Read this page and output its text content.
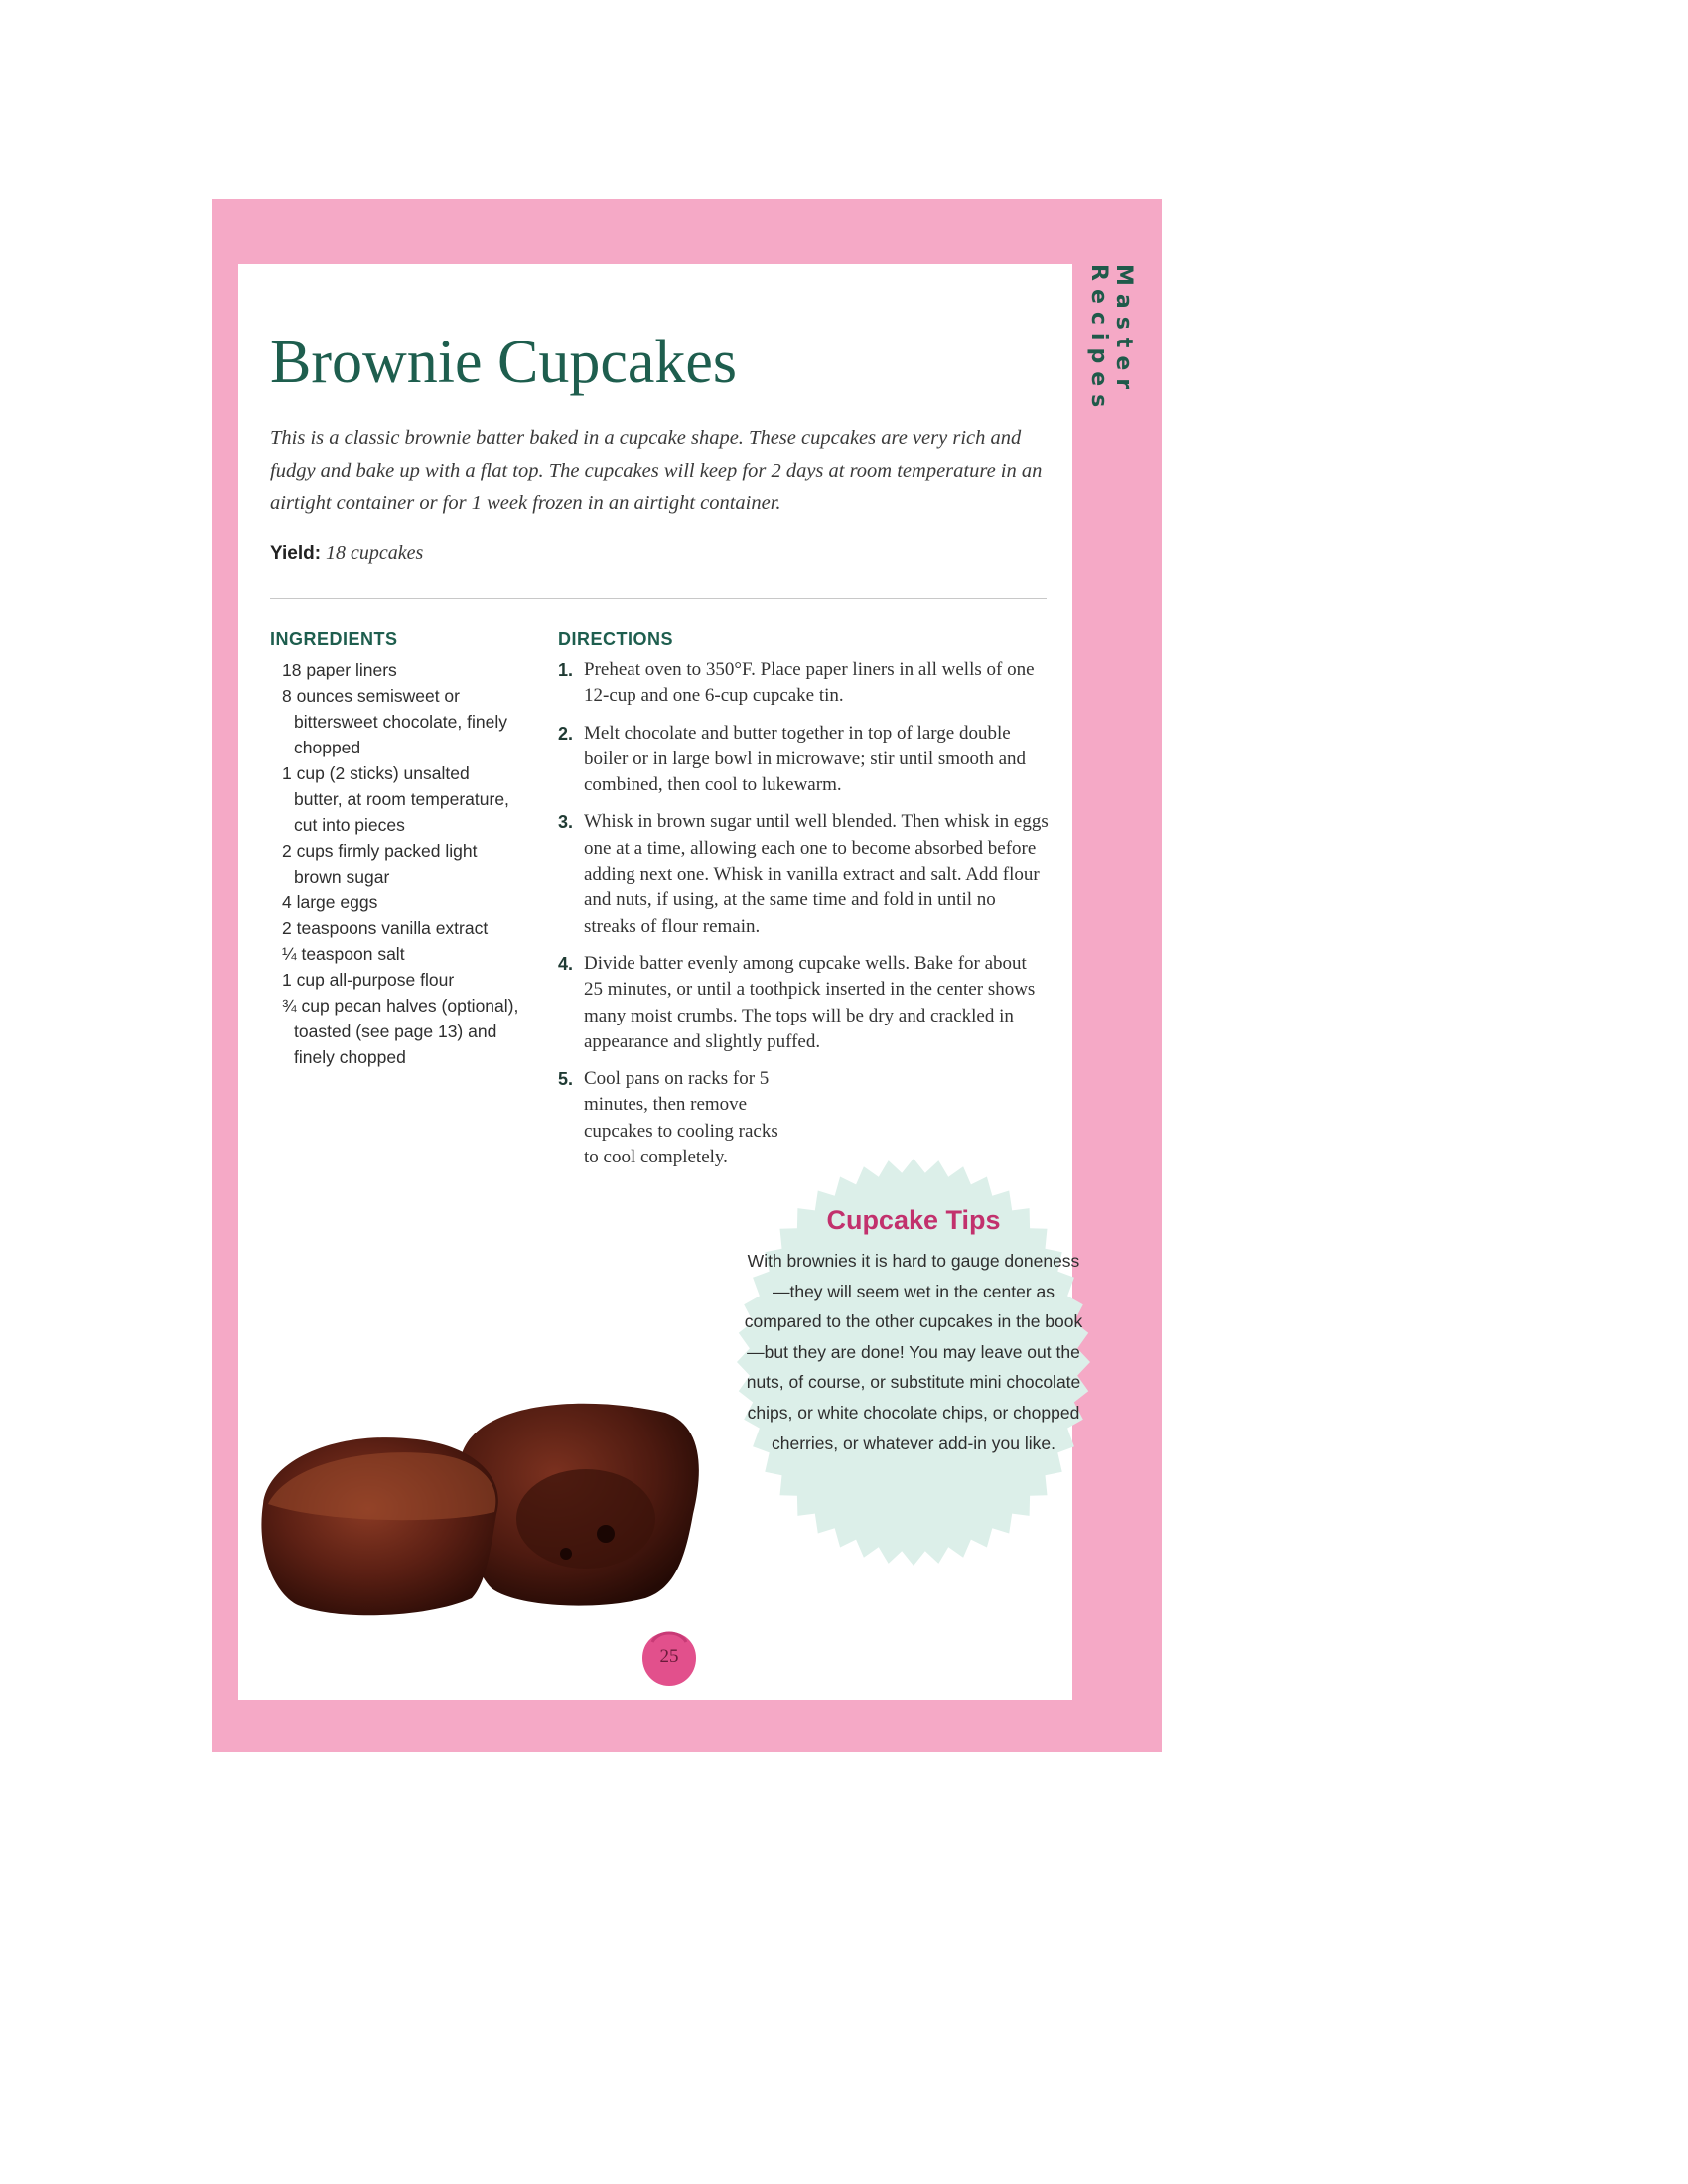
Master Recipes
Brownie Cupcakes

This is a classic brownie batter baked in a cupcake shape. These cupcakes are very rich and fudgy and bake up with a flat top. The cupcakes will keep for 2 days at room temperature in an airtight container or for 1 week frozen in an airtight container.

Yield: 18 cupcakes

INGREDIENTS
18 paper liners
8 ounces semisweet or bittersweet chocolate, finely chopped
1 cup (2 sticks) unsalted butter, at room temperature, cut into pieces
2 cups firmly packed light brown sugar
4 large eggs
2 teaspoons vanilla extract
¼ teaspoon salt
1 cup all-purpose flour
¾ cup pecan halves (optional), toasted (see page 13) and finely chopped
DIRECTIONS
1. Preheat oven to 350°F. Place paper liners in all wells of one 12-cup and one 6-cup cupcake tin.
2. Melt chocolate and butter together in top of large double boiler or in large bowl in microwave; stir until smooth and combined, then cool to lukewarm.
3. Whisk in brown sugar until well blended. Then whisk in eggs one at a time, allowing each one to become absorbed before adding next one. Whisk in vanilla extract and salt. Add flour and nuts, if using, at the same time and fold in until no streaks of flour remain.
4. Divide batter evenly among cupcake wells. Bake for about 25 minutes, or until a toothpick inserted in the center shows many moist crumbs. The tops will be dry and crackled in appearance and slightly puffed.
5. Cool pans on racks for 5 minutes, then remove cupcakes to cooling racks to cool completely.
Cupcake Tips

With brownies it is hard to gauge doneness—they will seem wet in the center as compared to the other cupcakes in the book—but they are done! You may leave out the nuts, of course, or substitute mini chocolate chips, or white chocolate chips, or chopped cherries, or whatever add-in you like.

25
